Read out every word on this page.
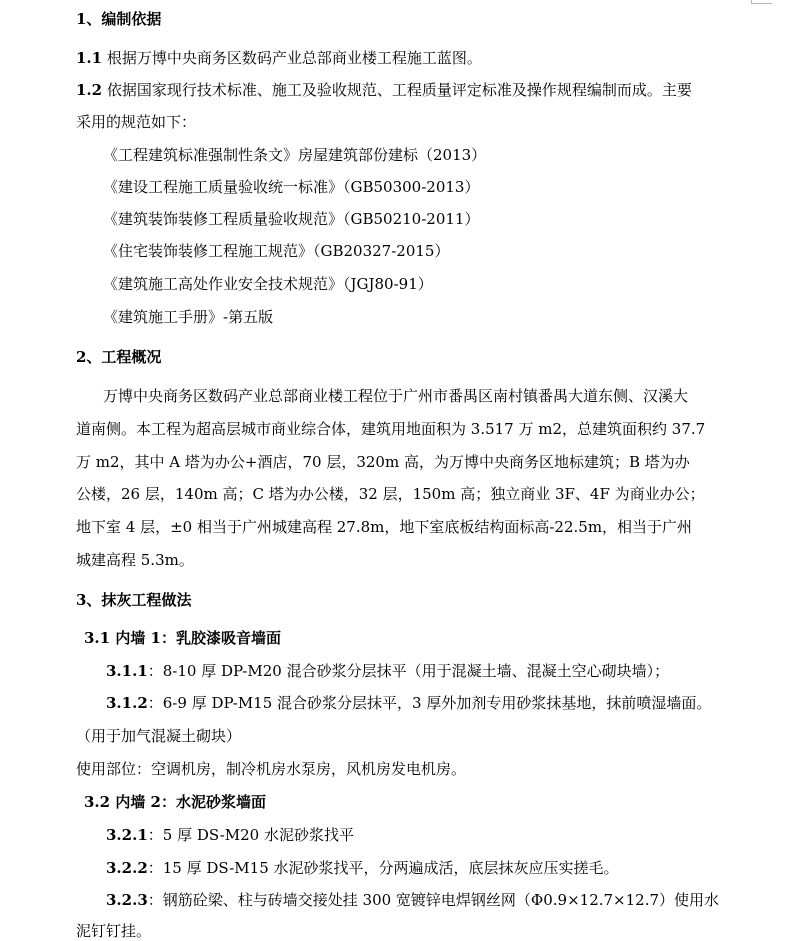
1、编制依据
1.1 根据万博中央商务区数码产业总部商业楼工程施工蓝图。
1.2 依据国家现行技术标准、施工及验收规范、工程质量评定标准及操作规程编制而成。主要
采用的规范如下：
《工程建筑标准强制性条文》房屋建筑部份建标（2013）
《建设工程施工质量验收统一标准》（GB50300-2013）
《建筑装饰装修工程质量验收规范》（GB50210-2011）
《住宅装饰装修工程施工规范》（GB20327-2015）
《建筑施工高处作业安全技术规范》（JGJ80-91）
《建筑施工手册》-第五版
2、工程概况
万博中央商务区数码产业总部商业楼工程位于广州市番禺区南村镇番禺大道东侧、汉溪大
道南侧。本工程为超高层城市商业综合体，建筑用地面积为 3.517 万 m2，总建筑面积约 37.7
万 m2，其中 A 塔为办公+酒店，70 层，320m 高，为万博中央商务区地标建筑；B 塔为办
公楼，26 层，140m 高；C 塔为办公楼，32 层，150m 高；独立商业 3F、4F 为商业办公；
地下室 4 层，±0 相当于广州城建高程 27.8m，地下室底板结构面标高-22.5m，相当于广州
城建高程 5.3m。
3、抹灰工程做法
3.1 内墙 1：乳胶漆吸音墙面
3.1.1：8-10 厚 DP-M20 混合砂浆分层抹平（用于混凝土墙、混凝土空心砌块墙）；
3.1.2：6-9 厚 DP-M15 混合砂浆分层抹平，3 厚外加剂专用砂浆抹基地，抹前喷湿墙面。
（用于加气混凝土砌块）
使用部位：空调机房，制冷机房水泵房，风机房发电机房。
3.2 内墙 2：水泥砂浆墙面
3.2.1：5 厚 DS-M20 水泥砂浆找平
3.2.2：15 厚 DS-M15 水泥砂浆找平，分两遍成活，底层抹灰应压实搓毛。
3.2.3：钢筋砼梁、柱与砖墙交接处挂 300 宽镀锌电焊钢丝网（Φ0.9×12.7×12.7）使用水
泥钉钉挂。
